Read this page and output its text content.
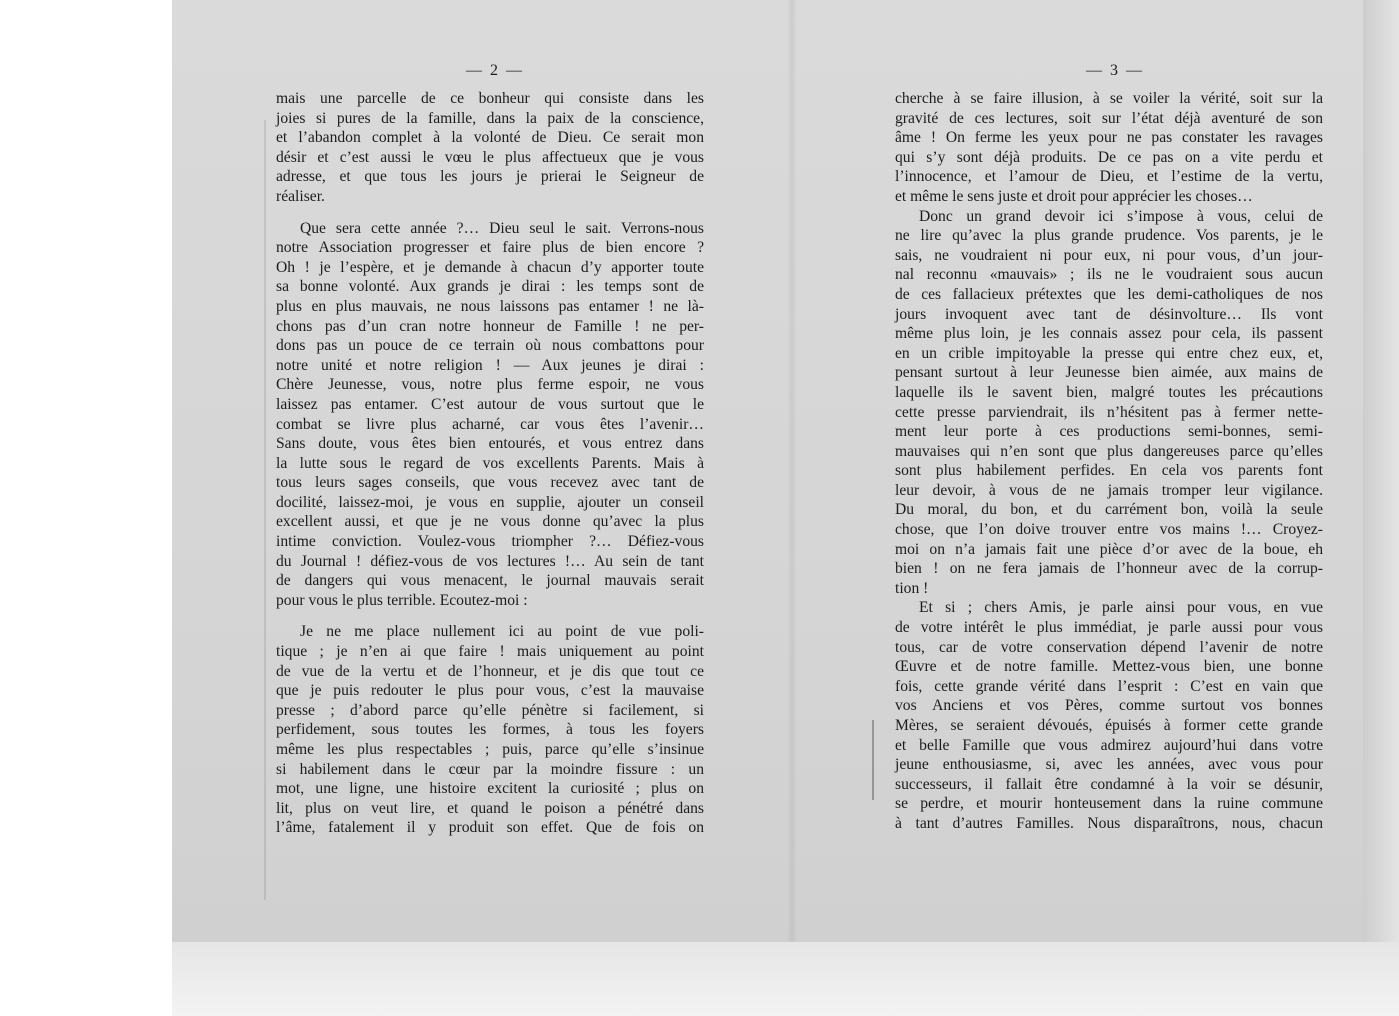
— 2 —	— 3 —
mais une parcelle de ce bonheur qui consiste dans les
joies si pures de la famille, dans la paix de la conscience,
et l’abandon complet à la volonté de Dieu. Ce serait mon
désir et c’est aussi le vœu le plus affectueux que je vous
adresse, et que tous les jours je prierai le Seigneur de
réaliser.
Que sera cette année ?… Dieu seul le sait. Verrons-nous
notre Association progresser et faire plus de bien encore ?
Oh ! je l’espère, et je demande à chacun d’y apporter toute
sa bonne volonté. Aux grands je dirai : les temps sont de
plus en plus mauvais, ne nous laissons pas entamer ! ne là-
chons pas d’un cran notre honneur de Famille ! ne per-
dons pas un pouce de ce terrain où nous combattons pour
notre unité et notre religion ! — Aux jeunes je dirai :
Chère Jeunesse, vous, notre plus ferme espoir, ne vous
laissez pas entamer. C’est autour de vous surtout que le
combat se livre plus acharné, car vous êtes l’avenir…
Sans doute, vous êtes bien entourés, et vous entrez dans
la lutte sous le regard de vos excellents Parents. Mais à
tous leurs sages conseils, que vous recevez avec tant de
docilité, laissez-moi, je vous en supplie, ajouter un conseil
excellent aussi, et que je ne vous donne qu’avec la plus
intime conviction. Voulez-vous triompher ?… Défiez-vous
du Journal ! défiez-vous de vos lectures !… Au sein de tant
de dangers qui vous menacent, le journal mauvais serait
pour vous le plus terrible. Ecoutez-moi :
Je ne me place nullement ici au point de vue poli-
tique ; je n’en ai que faire ! mais uniquement au point
de vue de la vertu et de l’honneur, et je dis que tout ce
que je puis redouter le plus pour vous, c’est la mauvaise
presse ; d’abord parce qu’elle pénètre si facilement, si
perfidement, sous toutes les formes, à tous les foyers
même les plus respectables ; puis, parce qu’elle s’insinue
si habilement dans le cœur par la moindre fissure : un
mot, une ligne, une histoire excitent la curiosité ; plus on
lit, plus on veut lire, et quand le poison a pénétré dans
l’âme, fatalement il y produit son effet. Que de fois on
cherche à se faire illusion, à se voiler la vérité, soit sur la
gravité de ces lectures, soit sur l’état déjà aventuré de son
âme ! On ferme les yeux pour ne pas constater les ravages
qui s’y sont déjà produits. De ce pas on a vite perdu et
l’innocence, et l’amour de Dieu, et l’estime de la vertu,
et même le sens juste et droit pour apprécier les choses…
Donc un grand devoir ici s’impose à vous, celui de
ne lire qu’avec la plus grande prudence. Vos parents, je le
sais, ne voudraient ni pour eux, ni pour vous, d’un jour-
nal reconnu «mauvais» ; ils ne le voudraient sous aucun
de ces fallacieux prétextes que les demi-catholiques de nos
jours invoquent avec tant de désinvolture… Ils vont
même plus loin, je les connais assez pour cela, ils passent
en un crible impitoyable la presse qui entre chez eux, et,
pensant surtout à leur Jeunesse bien aimée, aux mains de
laquelle ils le savent bien, malgré toutes les précautions
cette presse parviendrait, ils n’hésitent pas à fermer nette-
ment leur porte à ces productions semi-bonnes, semi-
mauvaises qui n’en sont que plus dangereuses parce qu’elles
sont plus habilement perfides. En cela vos parents font
leur devoir, à vous de ne jamais tromper leur vigilance.
Du moral, du bon, et du carrément bon, voilà la seule
chose, que l’on doive trouver entre vos mains !… Croyez-
moi on n’a jamais fait une pièce d’or avec de la boue, eh
bien ! on ne fera jamais de l’honneur avec de la corrup-
tion !
Et si ; chers Amis, je parle ainsi pour vous, en vue
de votre intérêt le plus immédiat, je parle aussi pour vous
tous, car de votre conservation dépend l’avenir de notre
Œuvre et de notre famille. Mettez-vous bien, une bonne
fois, cette grande vérité dans l’esprit : C’est en vain que
vos Anciens et vos Pères, comme surtout vos bonnes
Mères, se seraient dévoués, épuisés à former cette grande
et belle Famille que vous admirez aujourd’hui dans votre
jeune enthousiasme, si, avec les années, avec vous pour
successeurs, il fallait être condamné à la voir se désunir,
se perdre, et mourir honteusement dans la ruine commune
à tant d’autres Familles. Nous disparaîtrons, nous, chacun
